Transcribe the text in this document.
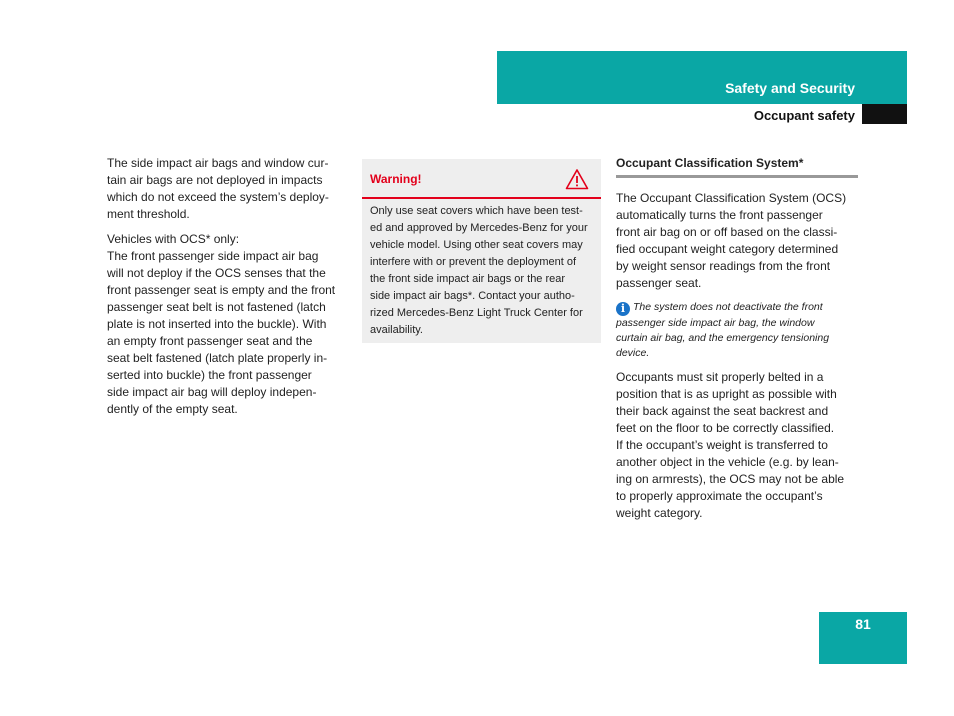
Safety and Security
Occupant safety

The side impact air bags and window cur-
tain air bags are not deployed in impacts
which do not exceed the system’s deploy-
ment threshold.

Vehicles with OCS* only:
The front passenger side impact air bag
will not deploy if the OCS senses that the
front passenger seat is empty and the front
passenger seat belt is not fastened (latch
plate is not inserted into the buckle). With
an empty front passenger seat and the
seat belt fastened (latch plate properly in-
serted into buckle) the front passenger
side impact air bag will deploy indepen-
dently of the empty seat.

Warning!
Only use seat covers which have been test-
ed and approved by Mercedes-Benz for your
vehicle model. Using other seat covers may
interfere with or prevent the deployment of
the front side impact air bags or the rear
side impact air bags*. Contact your autho-
rized Mercedes-Benz Light Truck Center for
availability.
Occupant Classification System*

The Occupant Classification System (OCS)
automatically turns the front passenger
front air bag on or off based on the classi-
fied occupant weight category determined
by weight sensor readings from the front
passenger seat.

i The system does not deactivate the front
passenger side impact air bag, the window
curtain air bag, and the emergency tensioning
device.

Occupants must sit properly belted in a
position that is as upright as possible with
their back against the seat backrest and
feet on the floor to be correctly classified.
If the occupant’s weight is transferred to
another object in the vehicle (e.g. by lean-
ing on armrests), the OCS may not be able
to properly approximate the occupant’s
weight category.

81
